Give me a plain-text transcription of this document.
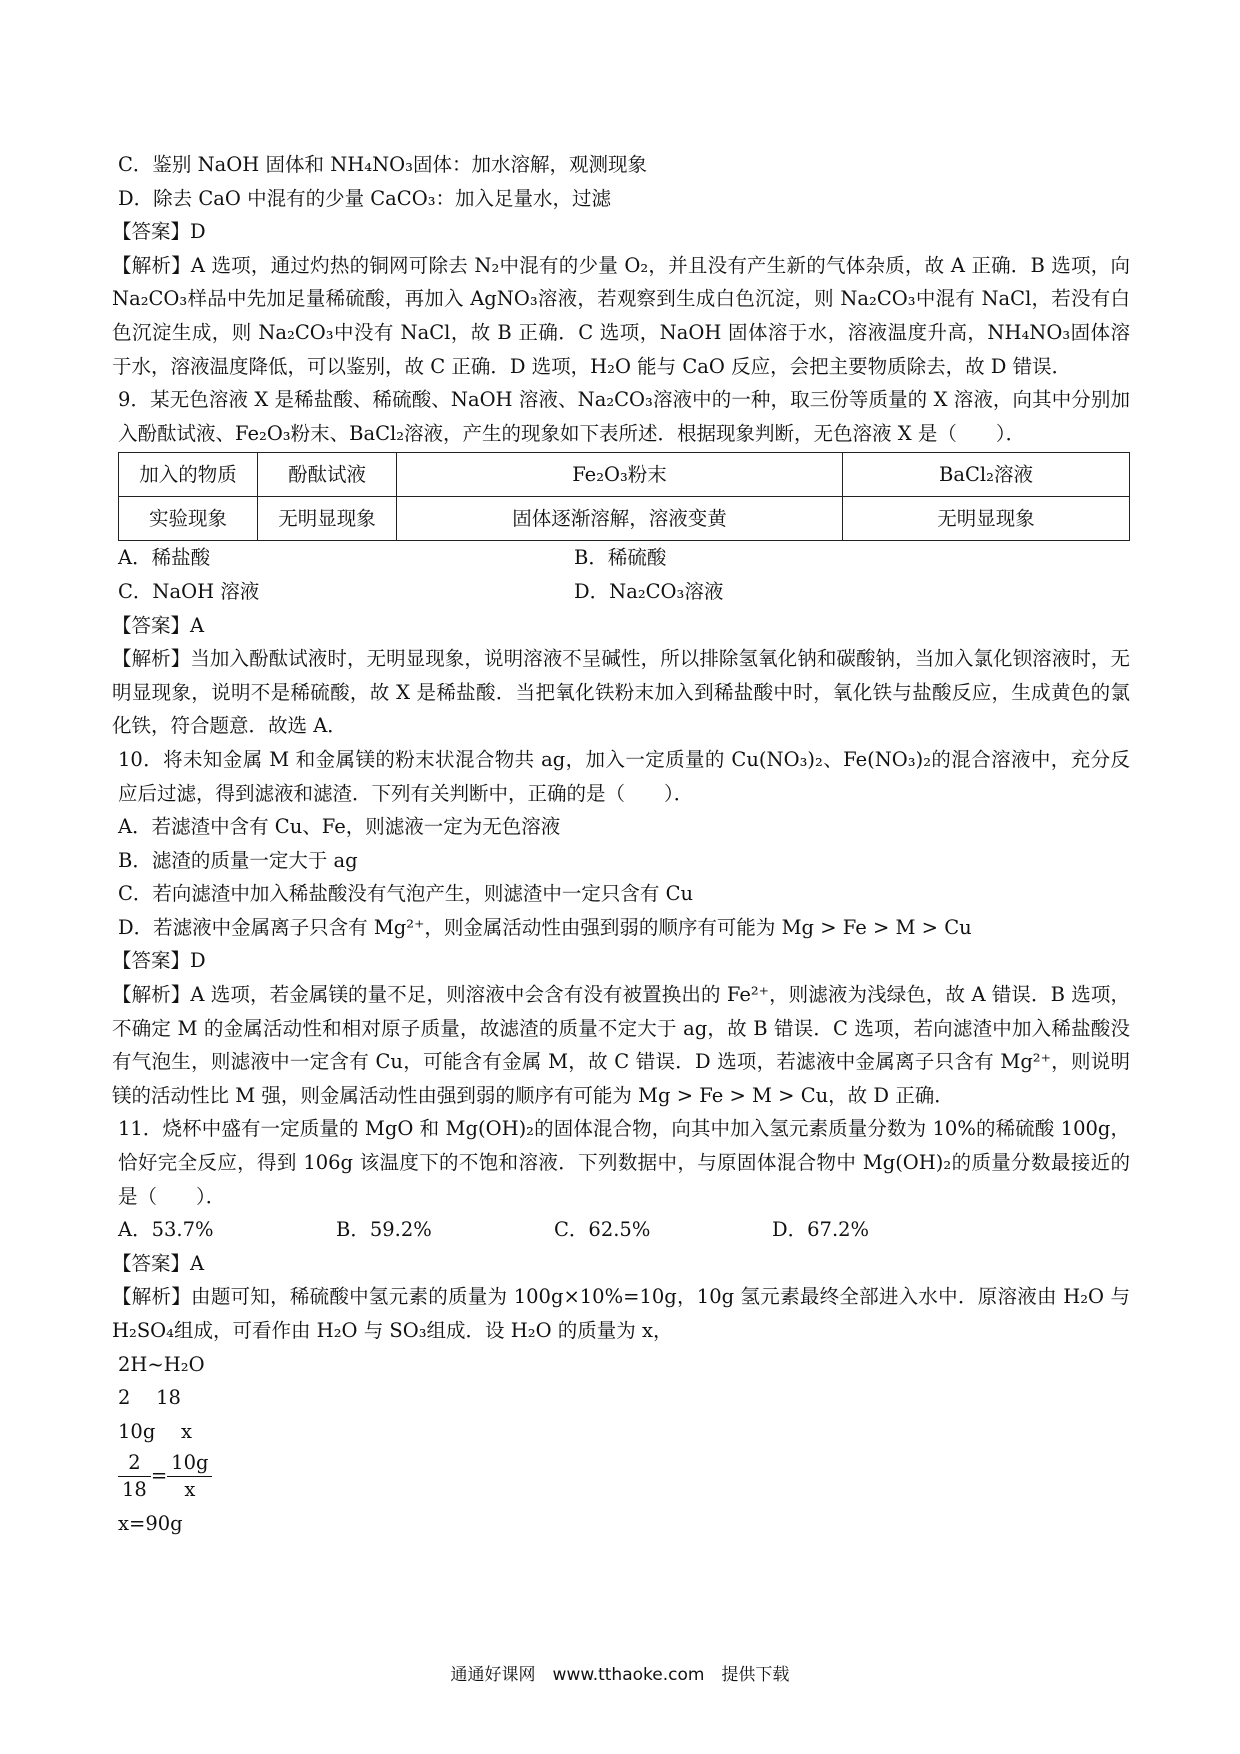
C．鉴别 NaOH 固体和 NH₄NO₃固体：加水溶解，观测现象

D．除去 CaO 中混有的少量 CaCO₃：加入足量水，过滤

【答案】D

【解析】A 选项，通过灼热的铜网可除去 N₂中混有的少量 O₂，并且没有产生新的气体杂质，故 A 正确．B 选项，向 Na₂CO₃样品中先加足量稀硫酸，再加入 AgNO₃溶液，若观察到生成白色沉淀，则 Na₂CO₃中混有 NaCl，若没有白色沉淀生成，则 Na₂CO₃中没有 NaCl，故 B 正确．C 选项，NaOH 固体溶于水，溶液温度升高，NH₄NO₃固体溶于水，溶液温度降低，可以鉴别，故 C 正确．D 选项，H₂O 能与 CaO 反应，会把主要物质除去，故 D 错误．

9．某无色溶液 X 是稀盐酸、稀硫酸、NaOH 溶液、Na₂CO₃溶液中的一种，取三份等质量的 X 溶液，向其中分别加入酚酞试液、Fe₂O₃粉末、BaCl₂溶液，产生的现象如下表所述．根据现象判断，无色溶液 X 是（　　）．

加入的物质	酚酞试液	Fe₂O₃粉末	BaCl₂溶液
实验现象	无明显现象	固体逐渐溶解，溶液变黄	无明显现象
A．稀盐酸	B．稀硫酸
C．NaOH 溶液	D．Na₂CO₃溶液

【答案】A

【解析】当加入酚酞试液时，无明显现象，说明溶液不呈碱性，所以排除氢氧化钠和碳酸钠，当加入氯化钡溶液时，无明显现象，说明不是稀硫酸，故 X 是稀盐酸．当把氧化铁粉末加入到稀盐酸中时，氧化铁与盐酸反应，生成黄色的氯化铁，符合题意．故选 A．

10．将未知金属 M 和金属镁的粉末状混合物共 ag，加入一定质量的 Cu(NO₃)₂、Fe(NO₃)₂的混合溶液中，充分反应后过滤，得到滤液和滤渣．下列有关判断中，正确的是（　　）．

A．若滤渣中含有 Cu、Fe，则滤液一定为无色溶液

B．滤渣的质量一定大于 ag

C．若向滤渣中加入稀盐酸没有气泡产生，则滤渣中一定只含有 Cu

D．若滤液中金属离子只含有 Mg²⁺，则金属活动性由强到弱的顺序有可能为 Mg > Fe > M > Cu

【答案】D

【解析】A 选项，若金属镁的量不足，则溶液中会含有没有被置换出的 Fe²⁺，则滤液为浅绿色，故 A 错误．B 选项，不确定 M 的金属活动性和相对原子质量，故滤渣的质量不定大于 ag，故 B 错误．C 选项，若向滤渣中加入稀盐酸没有气泡生，则滤液中一定含有 Cu，可能含有金属 M，故 C 错误．D 选项，若滤液中金属离子只含有 Mg²⁺，则说明镁的活动性比 M 强，则金属活动性由强到弱的顺序有可能为 Mg > Fe > M > Cu，故 D 正确．

11．烧杯中盛有一定质量的 MgO 和 Mg(OH)₂的固体混合物，向其中加入氢元素质量分数为 10%的稀硫酸 100g，恰好完全反应，得到 106g 该温度下的不饱和溶液．下列数据中，与原固体混合物中 Mg(OH)₂的质量分数最接近的是（　　）．

A．53.7%	B．59.2%	C．62.5%	D．67.2%

【答案】A

【解析】由题可知，稀硫酸中氢元素的质量为 100g×10%=10g，10g 氢元素最终全部进入水中．原溶液由 H₂O 与 H₂SO₄组成，可看作由 H₂O 与 SO₃组成．设 H₂O 的质量为 x，

2H~H₂O

2　 18

10g　 x

$\frac{2}{18} = \frac{10g}{x}$

x=90g

通通好课网　www.tthaoke.com　提供下载
